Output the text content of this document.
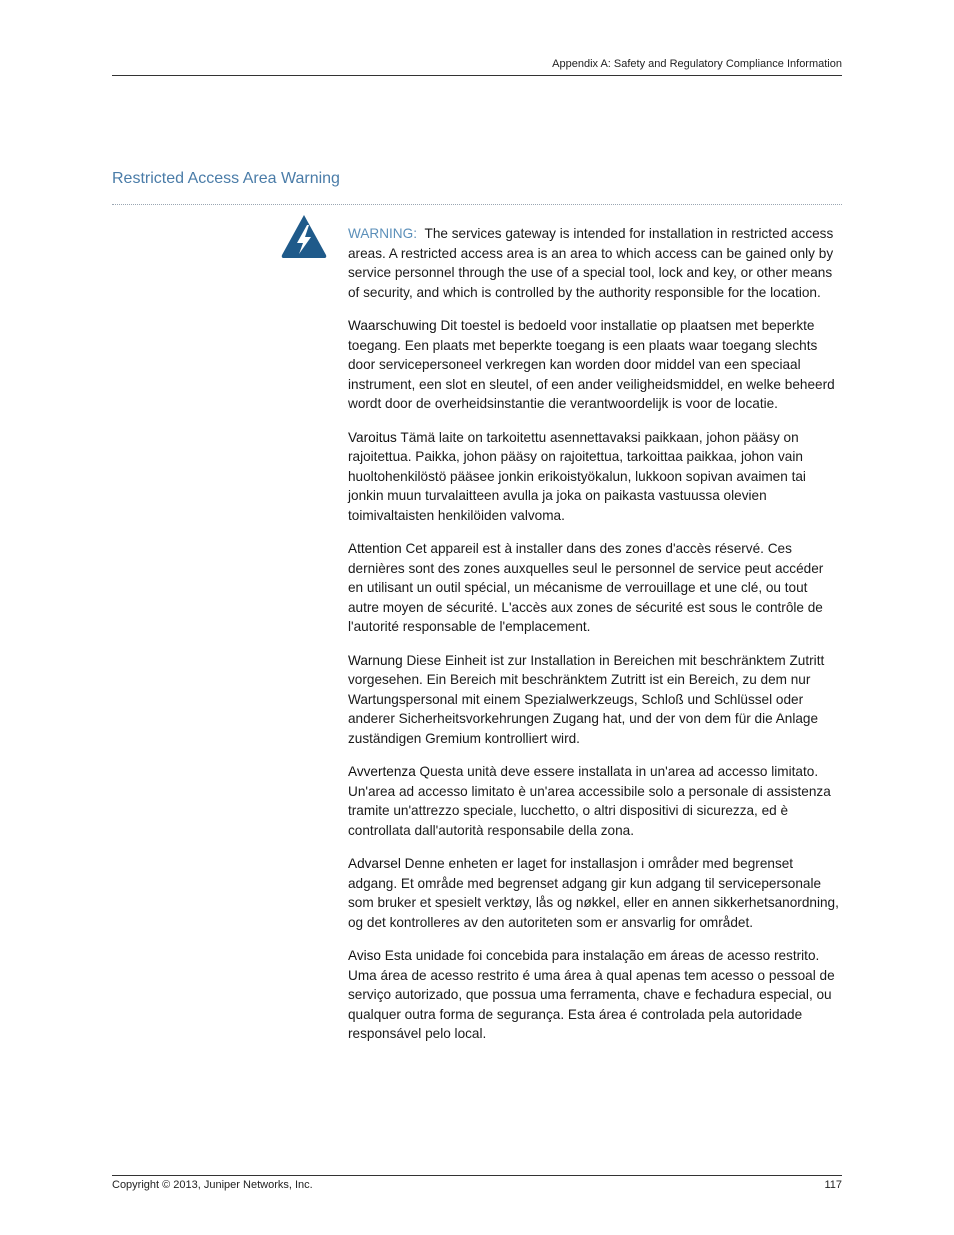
Appendix A: Safety and Regulatory Compliance Information
Restricted Access Area Warning

WARNING: The services gateway is intended for installation in restricted access areas. A restricted access area is an area to which access can be gained only by service personnel through the use of a special tool, lock and key, or other means of security, and which is controlled by the authority responsible for the location.

Waarschuwing Dit toestel is bedoeld voor installatie op plaatsen met beperkte toegang. Een plaats met beperkte toegang is een plaats waar toegang slechts door servicepersoneel verkregen kan worden door middel van een speciaal instrument, een slot en sleutel, of een ander veiligheidsmiddel, en welke beheerd wordt door de overheidsinstantie die verantwoordelijk is voor de locatie.

Varoitus Tämä laite on tarkoitettu asennettavaksi paikkaan, johon pääsy on rajoitettua. Paikka, johon pääsy on rajoitettua, tarkoittaa paikkaa, johon vain huoltohenkilöstö pääsee jonkin erikoistyökalun, lukkoon sopivan avaimen tai jonkin muun turvalaitteen avulla ja joka on paikasta vastuussa olevien toimivaltaisten henkilöiden valvoma.

Attention Cet appareil est à installer dans des zones d'accès réservé. Ces dernières sont des zones auxquelles seul le personnel de service peut accéder en utilisant un outil spécial, un mécanisme de verrouillage et une clé, ou tout autre moyen de sécurité. L'accès aux zones de sécurité est sous le contrôle de l'autorité responsable de l'emplacement.

Warnung Diese Einheit ist zur Installation in Bereichen mit beschränktem Zutritt vorgesehen. Ein Bereich mit beschränktem Zutritt ist ein Bereich, zu dem nur Wartungspersonal mit einem Spezialwerkzeugs, Schloß und Schlüssel oder anderer Sicherheitsvorkehrungen Zugang hat, und der von dem für die Anlage zuständigen Gremium kontrolliert wird.

Avvertenza Questa unità deve essere installata in un'area ad accesso limitato. Un'area ad accesso limitato è un'area accessibile solo a personale di assistenza tramite un'attrezzo speciale, lucchetto, o altri dispositivi di sicurezza, ed è controllata dall'autorità responsabile della zona.

Advarsel Denne enheten er laget for installasjon i områder med begrenset adgang. Et område med begrenset adgang gir kun adgang til servicepersonale som bruker et spesielt verktøy, lås og nøkkel, eller en annen sikkerhetsanordning, og det kontrolleres av den autoriteten som er ansvarlig for området.

Aviso Esta unidade foi concebida para instalação em áreas de acesso restrito. Uma área de acesso restrito é uma área à qual apenas tem acesso o pessoal de serviço autorizado, que possua uma ferramenta, chave e fechadura especial, ou qualquer outra forma de segurança. Esta área é controlada pela autoridade responsável pelo local.

Copyright © 2013, Juniper Networks, Inc.	117
